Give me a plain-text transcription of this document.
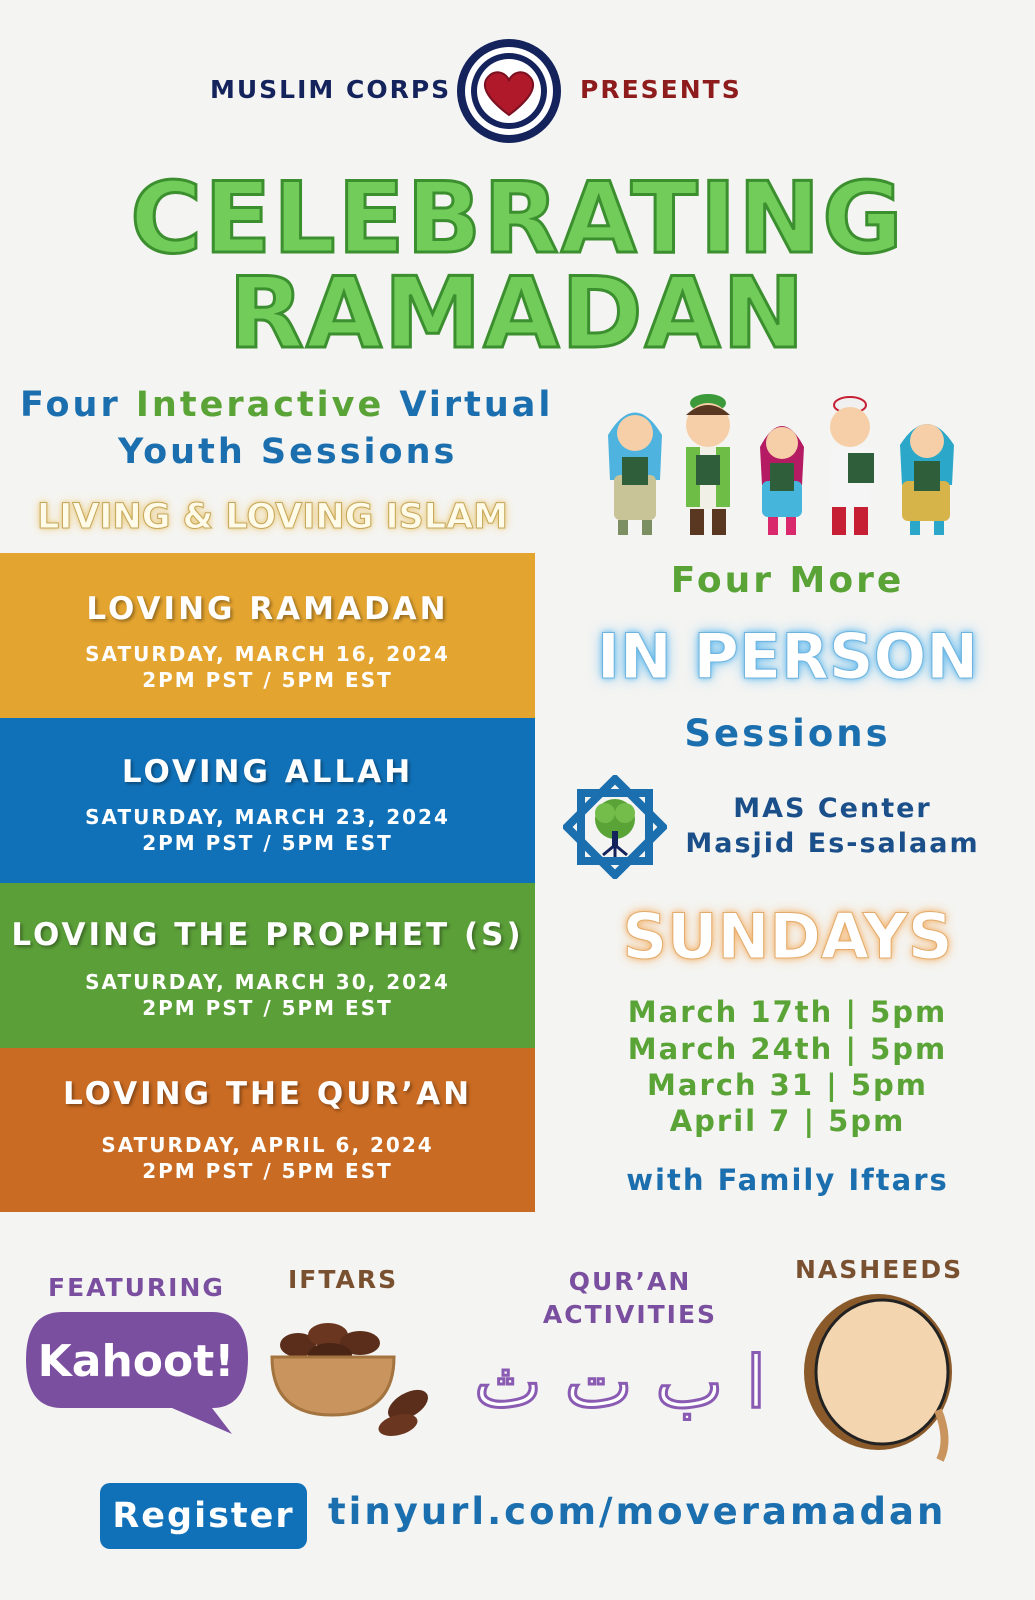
MUSLIM CORPS	PRESENTS
CELEBRATING
RAMADAN
Four Interactive Virtual
Youth Sessions
LIVING & LOVING ISLAM
LOVING RAMADAN
SATURDAY, MARCH 16, 2024
2PM PST / 5PM EST
LOVING ALLAH
SATURDAY, MARCH 23, 2024
2PM PST / 5PM EST
LOVING THE PROPHET (S)
SATURDAY, MARCH 30, 2024
2PM PST / 5PM EST
LOVING THE QUR’AN
SATURDAY, APRIL 6, 2024
2PM PST / 5PM EST
Four More
IN PERSON
Sessions
MAS Center
Masjid Es-salaam
SUNDAYS
March 17th | 5pm
March 24th | 5pm
March 31 | 5pm
April 7 | 5pm
with Family Iftars
FEATURING
Kahoot!
IFTARS	QUR’AN
ACTIVITIES
ا ب ت ث
NASHEEDS
Register tinyurl.com/moveramadan
